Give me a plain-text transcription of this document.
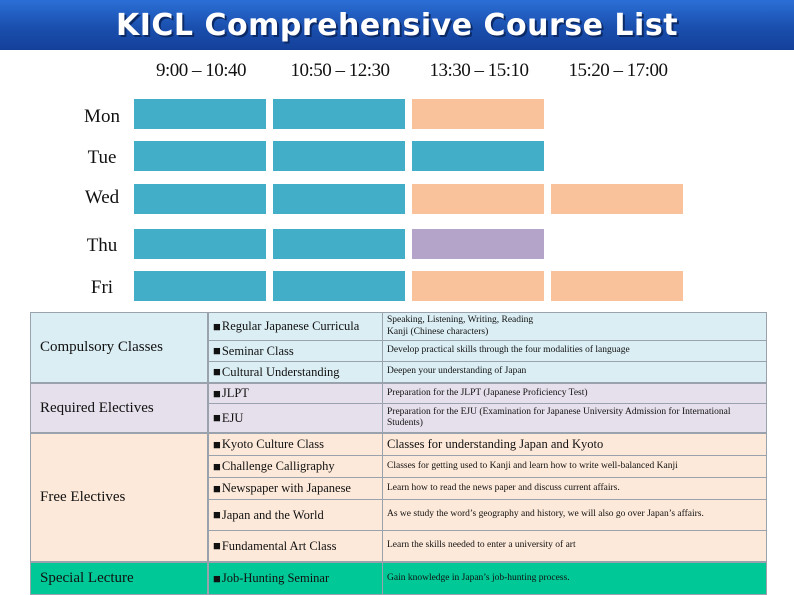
KICL Comprehensive Course List
9:00 – 10:40	10:50 – 12:30	13:30 – 15:10	15:20 – 17:00
Mon
Tue
Wed
Thu
Fri
Compulsory Classes
■ Regular Japanese Curricula	Speaking, Listening, Writing, Reading
Kanji (Chinese characters)
■ Seminar Class	Develop practical skills through the four modalities of language
■ Cultural Understanding	Deepen your understanding of Japan
Required Electives
■ JLPT	Preparation for the JLPT (Japanese Proficiency Test)
■ EJU	Preparation for the EJU (Examination for Japanese University Admission for International Students)
Free Electives
■ Kyoto Culture Class	Classes for understanding Japan and Kyoto
■ Challenge Calligraphy	Classes for getting used to Kanji and learn how to write well-balanced Kanji
■ Newspaper with Japanese	Learn how to read the news paper and discuss current affairs.
■ Japan and the World	As we study the word’s geography and history, we will also go over Japan’s affairs.
■ Fundamental Art Class	Learn the skills needed to enter a university of art
Special Lecture	■ Job-Hunting Seminar	Gain knowledge in Japan’s job-hunting process.
